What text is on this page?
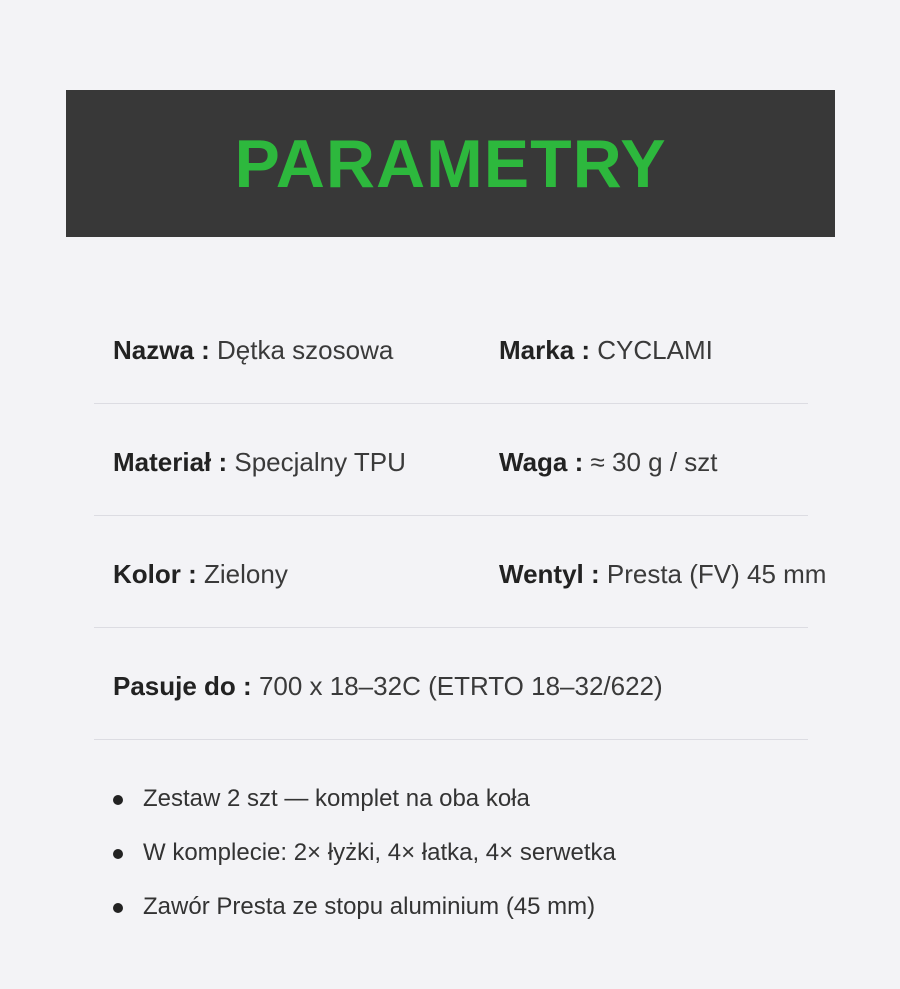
PARAMETRY
Nazwa : Dętka szosowa	Marka : CYCLAMI
Materiał : Specjalny TPU	Waga : ≈ 30 g / szt
Kolor : Zielony	Wentyl : Presta (FV) 45 mm
Pasuje do : 700 x 18–32C (ETRTO 18–32/622)
Zestaw 2 szt — komplet na oba koła
W komplecie: 2× łyżki, 4× łatka, 4× serwetka
Zawór Presta ze stopu aluminium (45 mm)
